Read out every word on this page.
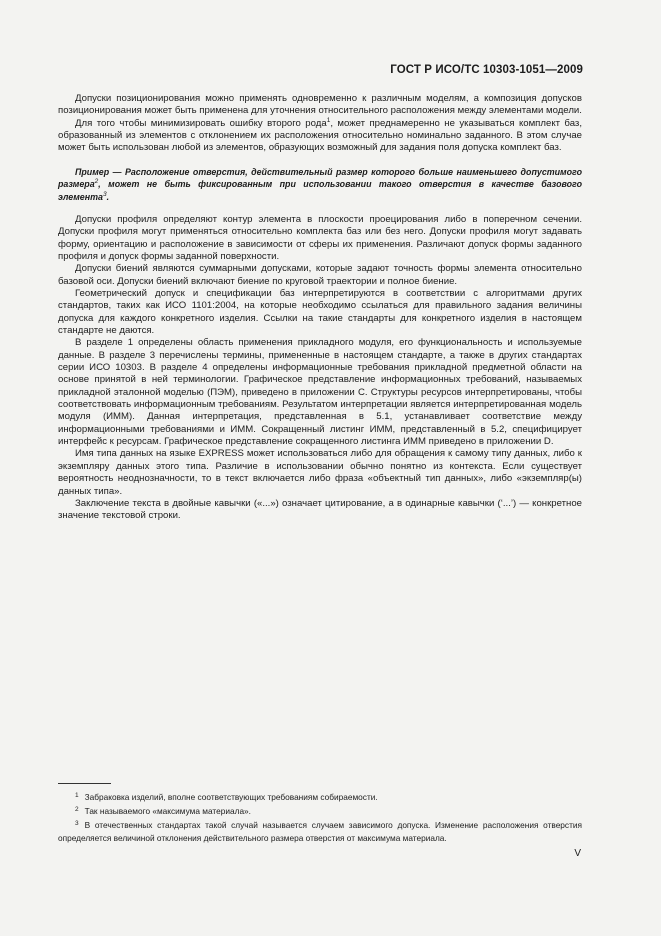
ГОСТ Р ИСО/ТС 10303-1051—2009

Допуски позиционирования можно применять одновременно к различным моделям, а композиция допусков позиционирования может быть применена для уточнения относительного расположения между элементами модели.

Для того чтобы минимизировать ошибку второго рода$^1$, может преднамеренно не указываться комплект баз, образованный из элементов с отклонением их расположения относительно номинально заданного. В этом случае может быть использован любой из элементов, образующих возможный для задания поля допуска комплект баз.

Пример — Расположение отверстия, действительный размер которого больше наименьшего допустимого размера$^2$, может не быть фиксированным при использовании такого отверстия в качестве базового элемента$^3$.

Допуски профиля определяют контур элемента в плоскости проецирования либо в поперечном сечении. Допуски профиля могут применяться относительно комплекта баз или без него. Допуски профиля могут задавать форму, ориентацию и расположение в зависимости от сферы их применения. Различают допуск формы заданного профиля и допуск формы заданной поверхности.

Допуски биений являются суммарными допусками, которые задают точность формы элемента относительно базовой оси. Допуски биений включают биение по круговой траектории и полное биение.

Геометрический допуск и спецификации баз интерпретируются в соответствии с алгоритмами других стандартов, таких как ИСО 1101:2004, на которые необходимо ссылаться для правильного задания величины допуска для каждого конкретного изделия. Ссылки на такие стандарты для конкретного изделия в настоящем стандарте не даются.

В разделе 1 определены область применения прикладного модуля, его функциональность и используемые данные. В разделе 3 перечислены термины, примененные в настоящем стандарте, а также в других стандартах серии ИСО 10303. В разделе 4 определены информационные требования прикладной предметной области на основе принятой в ней терминологии. Графическое представление информационных требований, называемых прикладной эталонной моделью (ПЭМ), приведено в приложении С. Структуры ресурсов интерпретированы, чтобы соответствовать информационным требованиям. Результатом интерпретации является интерпретированная модель модуля (ИММ). Данная интерпретация, представленная в 5.1, устанавливает соответствие между информационными требованиями и ИММ. Сокращенный листинг ИММ, представленный в 5.2, специфицирует интерфейс к ресурсам. Графическое представление сокращенного листинга ИММ приведено в приложении D.

Имя типа данных на языке EXPRESS может использоваться либо для обращения к самому типу данных, либо к экземпляру данных этого типа. Различие в использовании обычно понятно из контекста. Если существует вероятность неоднозначности, то в текст включается либо фраза «объектный тип данных», либо «экземпляр(ы) данных типа».

Заключение текста в двойные кавычки («...») означает цитирование, а в одинарные кавычки (‘...’) — конкретное значение текстовой строки.

$^1$ Забраковка изделий, вполне соответствующих требованиям собираемости.

$^2$ Так называемого «максимума материала».

$^3$ В отечественных стандартах такой случай называется случаем зависимого допуска. Изменение расположения отверстия определяется величиной отклонения действительного размера отверстия от максимума материала.

V
